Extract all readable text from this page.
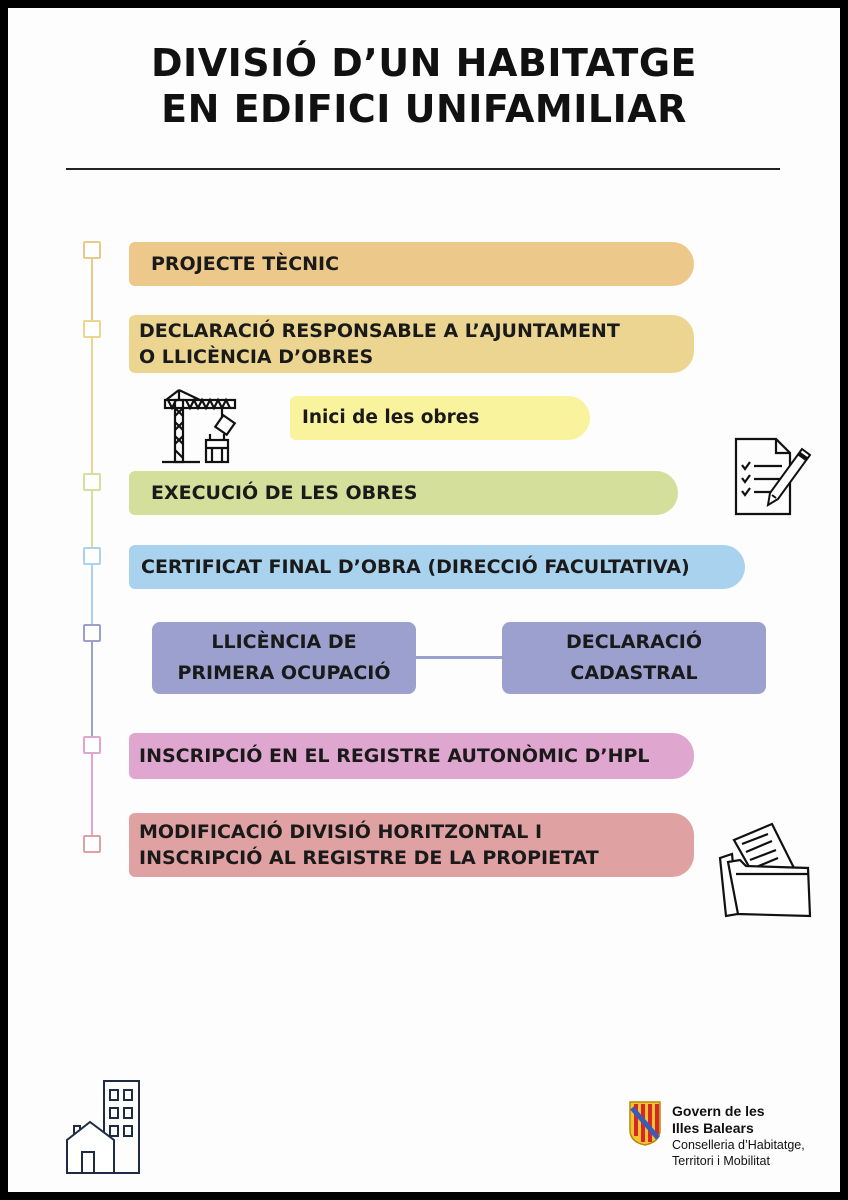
DIVISIÓ D’UN HABITATGE
EN EDIFICI UNIFAMILIAR
PROJECTE TÈCNIC
DECLARACIÓ RESPONSABLE A L’AJUNTAMENT
O LLICÈNCIA D’OBRES
Inici de les obres
EXECUCIÓ DE LES OBRES
CERTIFICAT FINAL D’OBRA (DIRECCIÓ FACULTATIVA)
LLICÈNCIA DE
PRIMERA OCUPACIÓ
DECLARACIÓ
CADASTRAL
INSCRIPCIÓ EN EL REGISTRE AUTONÒMIC D’HPL
MODIFICACIÓ DIVISIÓ HORITZONTAL I
INSCRIPCIÓ AL REGISTRE DE LA PROPIETAT
Govern de les
Illes Balears
Conselleria d’Habitatge,
Territori i Mobilitat
